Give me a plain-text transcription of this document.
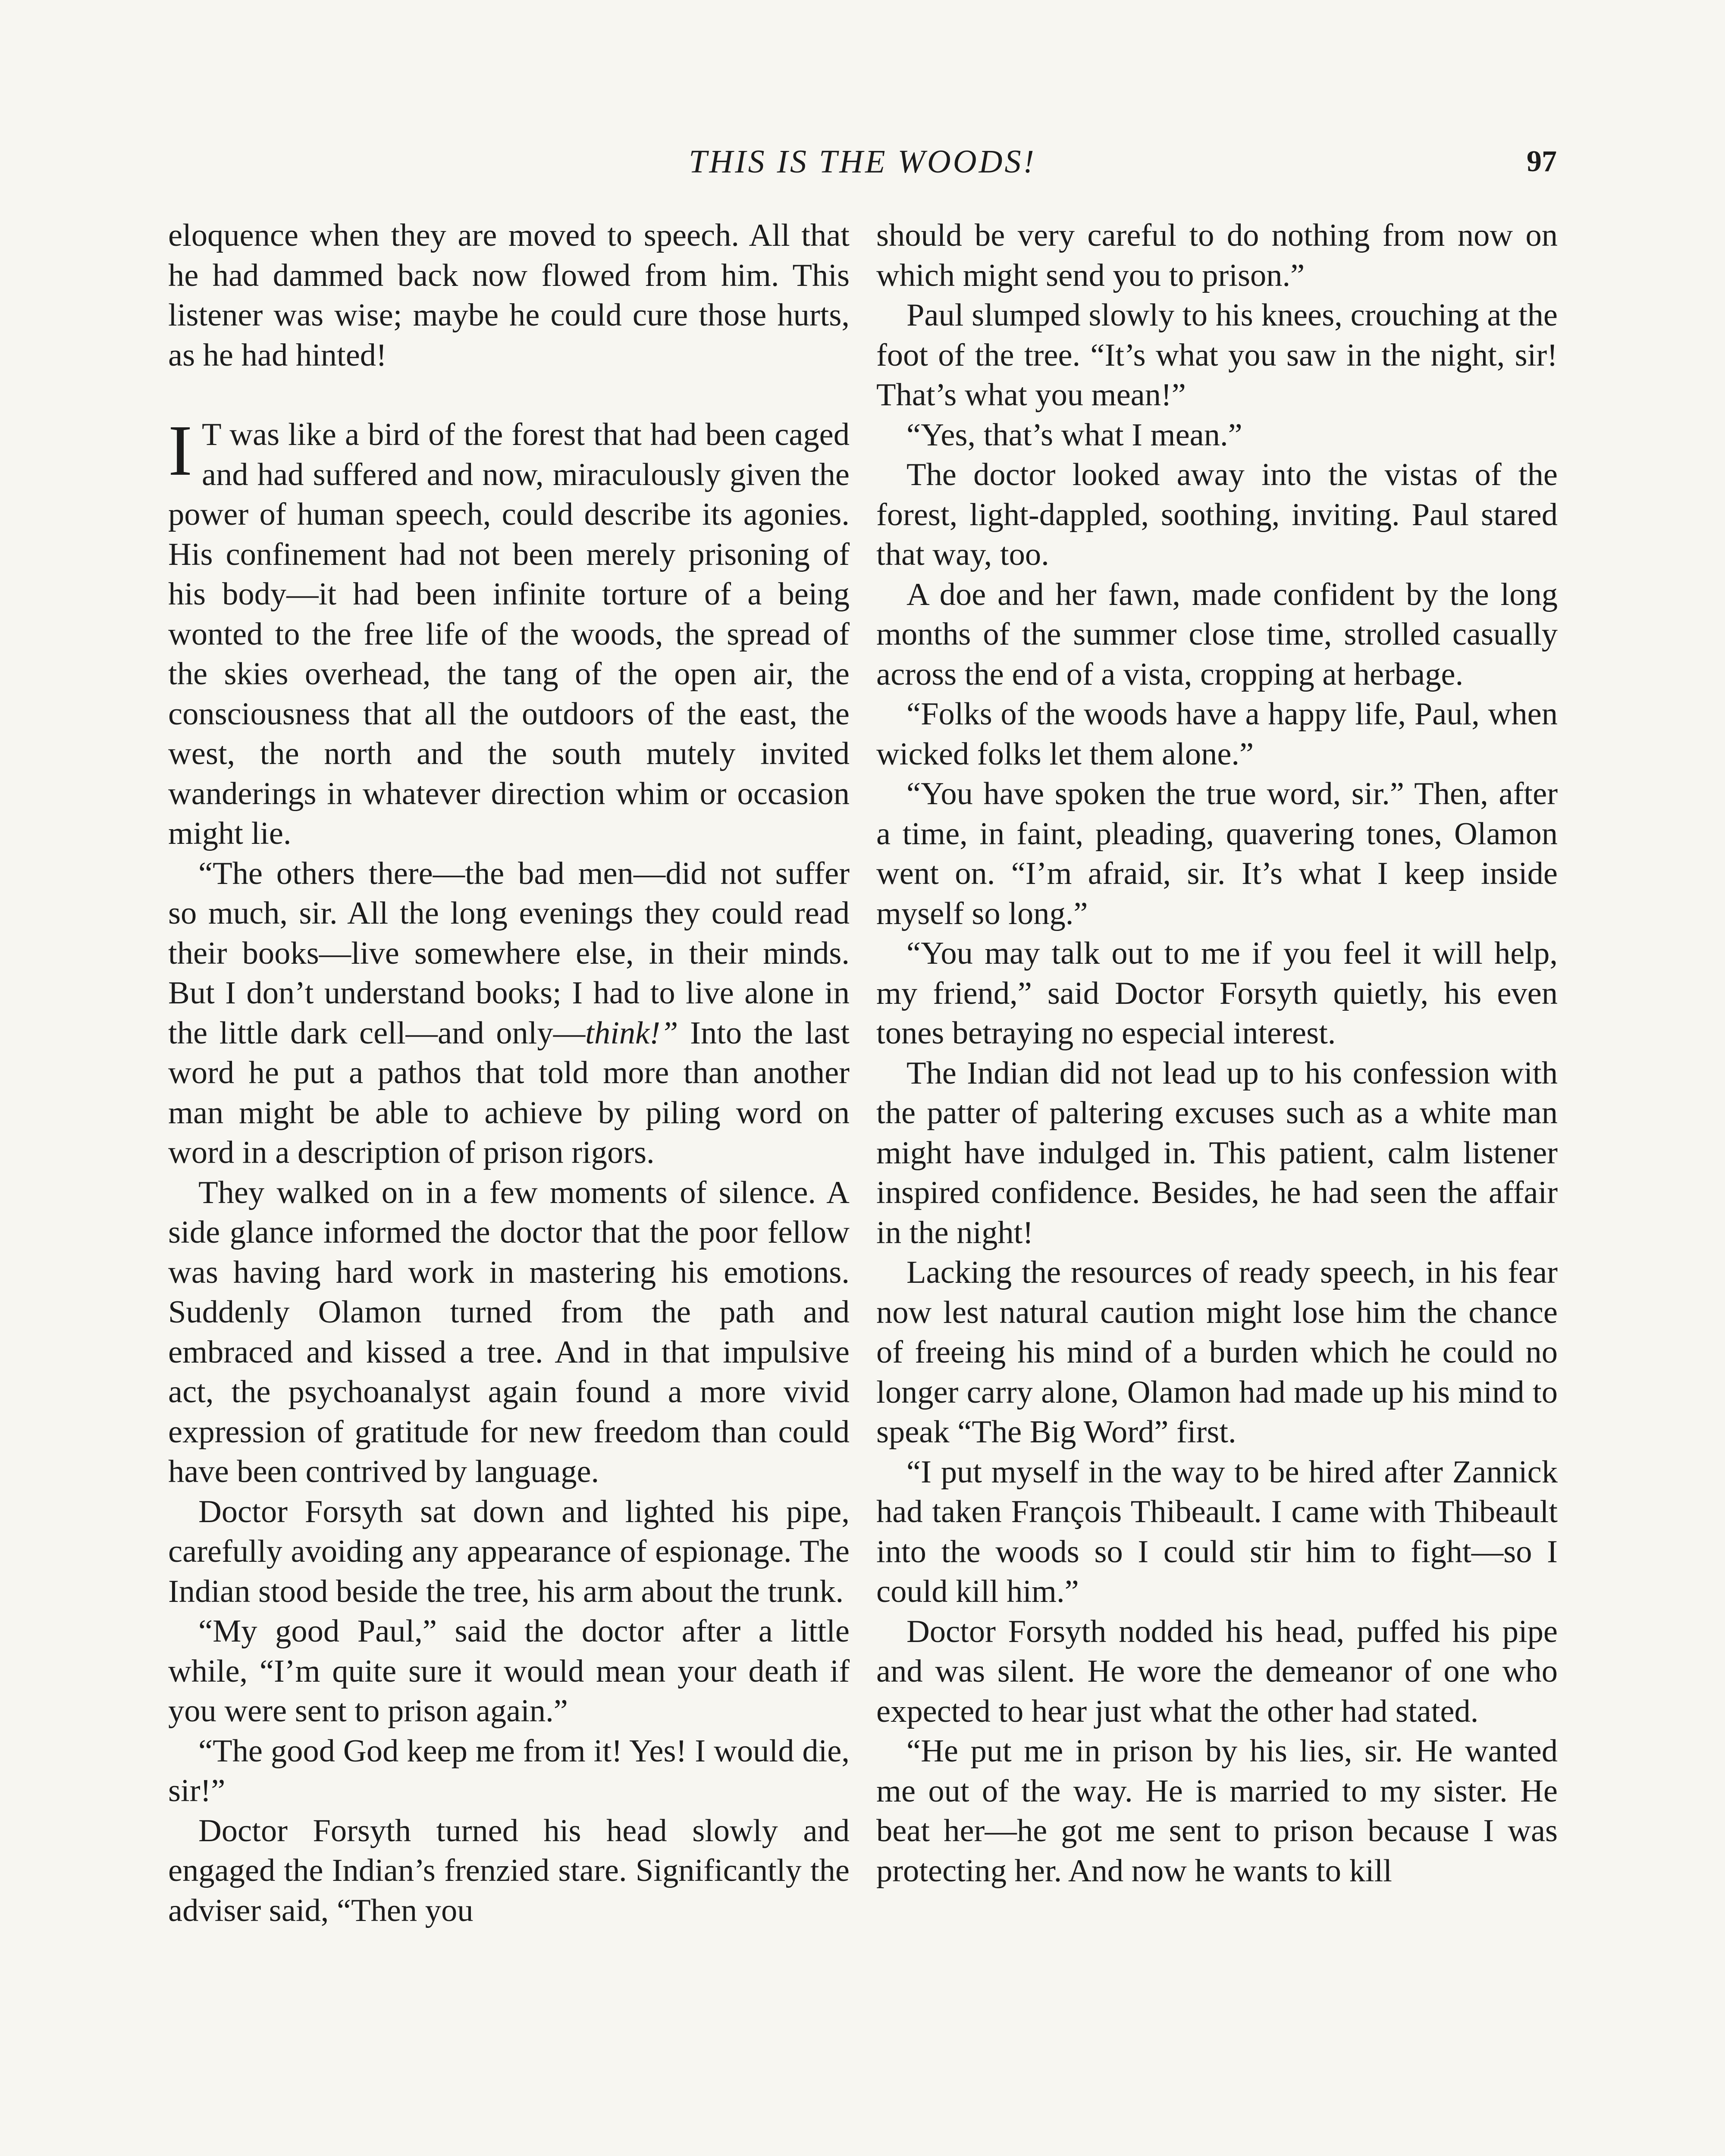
THIS IS THE WOODS!	97

eloquence when they are moved to speech. All that he had dammed back now flowed from him. This listener was wise; maybe he could cure those hurts, as he had hinted!

I T was like a bird of the forest that had been caged and had suffered and now, miraculously given the power of human speech, could describe its agonies. His confinement had not been merely prisoning of his body—it had been infinite torture of a being wonted to the free life of the woods, the spread of the skies overhead, the tang of the open air, the consciousness that all the outdoors of the east, the west, the north and the south mutely invited wanderings in whatever direction whim or occasion might lie.

“The others there—the bad men—did not suffer so much, sir. All the long evenings they could read their books—live somewhere else, in their minds. But I don’t understand books; I had to live alone in the little dark cell—and only—think!” Into the last word he put a pathos that told more than another man might be able to achieve by piling word on word in a description of prison rigors.

They walked on in a few moments of silence. A side glance informed the doctor that the poor fellow was having hard work in mastering his emotions. Suddenly Olamon turned from the path and embraced and kissed a tree. And in that impulsive act, the psychoanalyst again found a more vivid expression of gratitude for new freedom than could have been contrived by language.

Doctor Forsyth sat down and lighted his pipe, carefully avoiding any appearance of espionage. The Indian stood beside the tree, his arm about the trunk.

“My good Paul,” said the doctor after a little while, “I’m quite sure it would mean your death if you were sent to prison again.”

“The good God keep me from it! Yes! I would die, sir!”

Doctor Forsyth turned his head slowly and engaged the Indian’s frenzied stare. Significantly the adviser said, “Then you

should be very careful to do nothing from now on which might send you to prison.”

Paul slumped slowly to his knees, crouching at the foot of the tree. “It’s what you saw in the night, sir! That’s what you mean!”

“Yes, that’s what I mean.”

The doctor looked away into the vistas of the forest, light-dappled, soothing, inviting. Paul stared that way, too.

A doe and her fawn, made confident by the long months of the summer close time, strolled casually across the end of a vista, cropping at herbage.

“Folks of the woods have a happy life, Paul, when wicked folks let them alone.”

“You have spoken the true word, sir.” Then, after a time, in faint, pleading, quavering tones, Olamon went on. “I’m afraid, sir. It’s what I keep inside myself so long.”

“You may talk out to me if you feel it will help, my friend,” said Doctor Forsyth quietly, his even tones betraying no especial interest.

The Indian did not lead up to his confession with the patter of paltering excuses such as a white man might have indulged in. This patient, calm listener inspired confidence. Besides, he had seen the affair in the night!

Lacking the resources of ready speech, in his fear now lest natural caution might lose him the chance of freeing his mind of a burden which he could no longer carry alone, Olamon had made up his mind to speak “The Big Word” first.

“I put myself in the way to be hired after Zannick had taken François Thibeault. I came with Thibeault into the woods so I could stir him to fight—so I could kill him.”

Doctor Forsyth nodded his head, puffed his pipe and was silent. He wore the demeanor of one who expected to hear just what the other had stated.

“He put me in prison by his lies, sir. He wanted me out of the way. He is married to my sister. He beat her—he got me sent to prison because I was protecting her. And now he wants to kill
